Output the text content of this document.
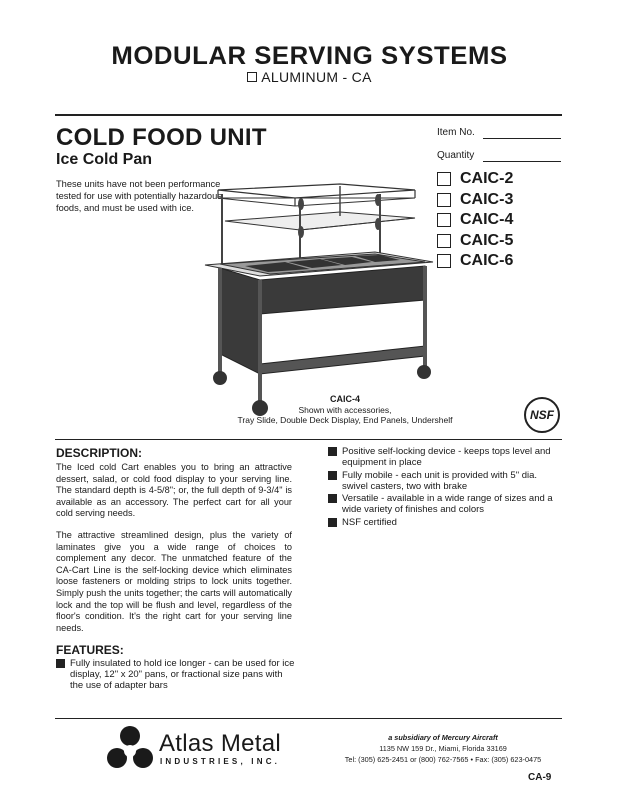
MODULAR SERVING SYSTEMS
ALUMINUM - CA
COLD FOOD UNIT
Ice Cold Pan
These units have not been performance tested for use with potentially hazardous foods, and must be used with ice.
Item No.
Quantity
CAIC-2
CAIC-3
CAIC-4
CAIC-5
CAIC-6
CAIC-4
Shown with accessories,
Tray Slide, Double Deck Display, End Panels, Undershelf	NSF
DESCRIPTION:
The Iced cold Cart enables you to bring an attractive dessert, salad, or cold food display to your serving line. The standard depth is 4-5/8"; or, the full depth of 9-3/4" is available as an accessory. The perfect cart for all your cold serving needs.
The attractive streamlined design, plus the variety of laminates give you a wide range of choices to complement any decor. The unmatched feature of the CA-Cart Line is the self-locking device which eliminates loose fasteners or molding strips to lock units together. Simply push the units together; the carts will automatically lock and the top will be flush and level, regardless of the floor's condition. It's the right cart for your serving line needs.
Positive self-locking device - keeps tops level and equipment in place
Fully mobile - each unit is provided with 5" dia. swivel casters, two with brake
Versatile - available in a wide range of sizes and a wide variety of finishes and colors
NSF certified
FEATURES:
Fully insulated to hold ice longer - can be used for ice display, 12" x 20" pans, or fractional size pans with the use of adapter bars
Atlas Metal
INDUSTRIES, INC.
a subsidiary of Mercury Aircraft
1135 NW 159 Dr., Miami, Florida 33169
Tel: (305) 625-2451 or (800) 762-7565 • Fax: (305) 623-0475
CA-9
